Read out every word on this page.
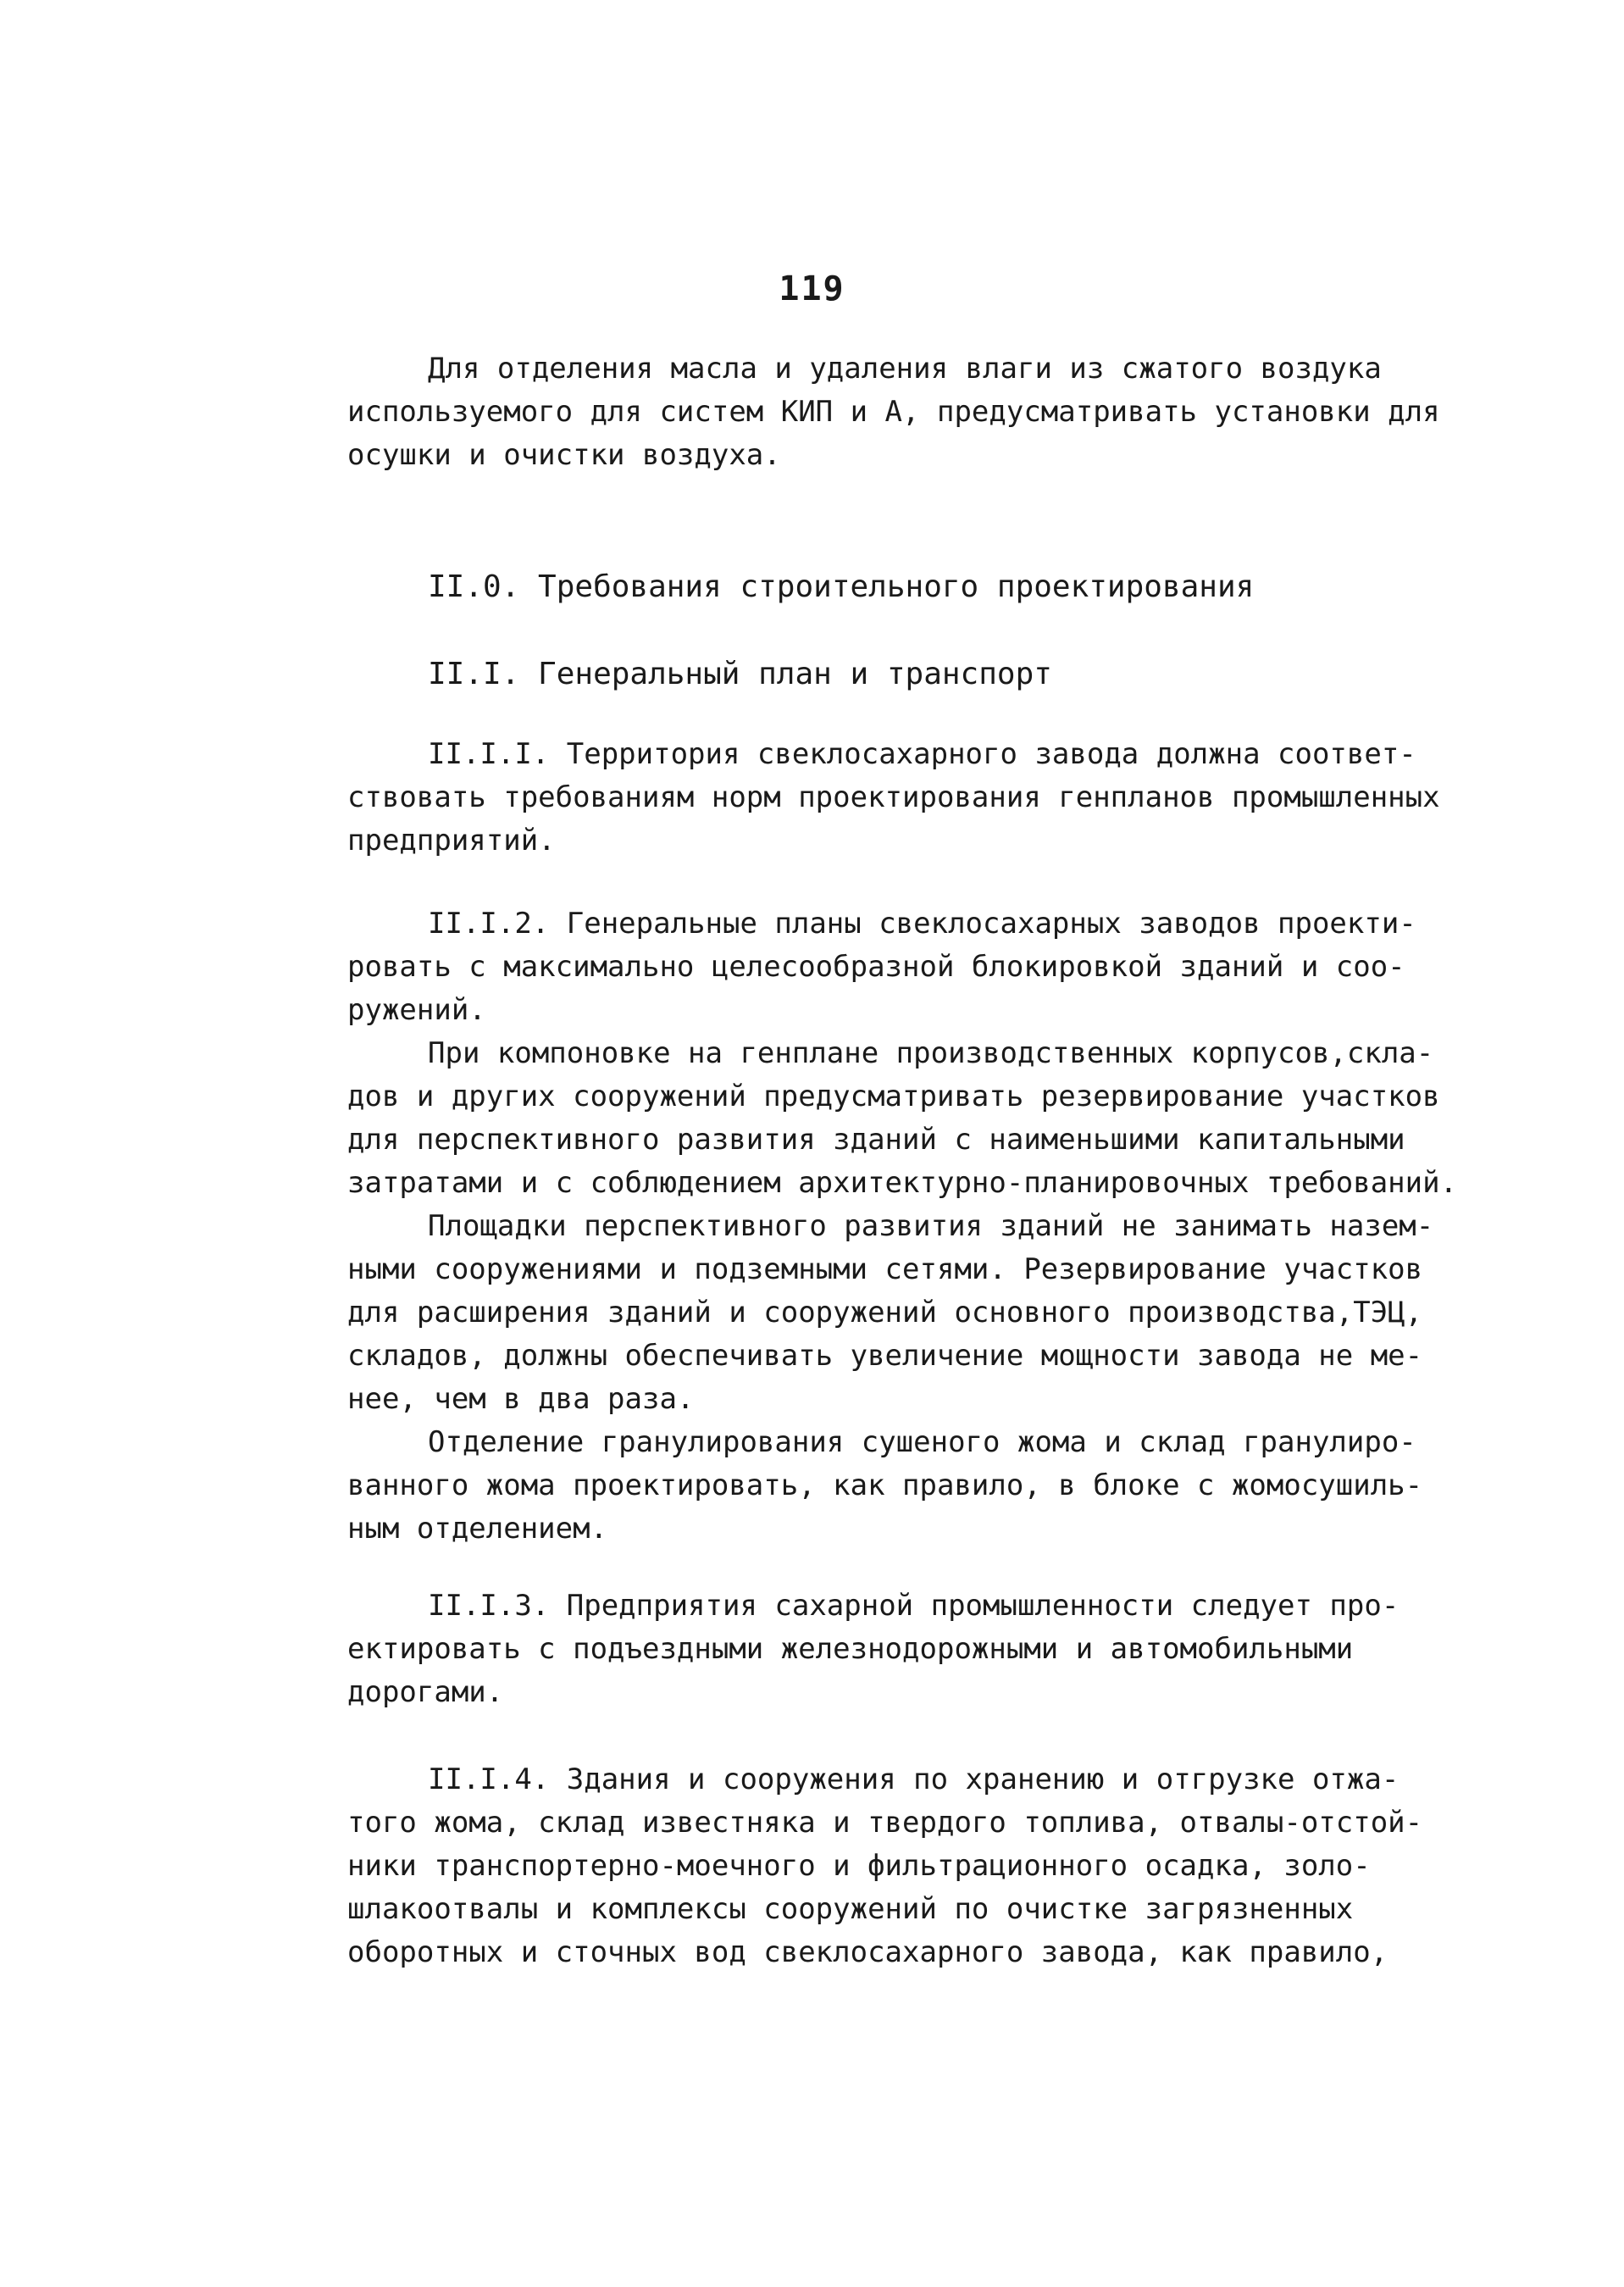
119
Для отделения масла и удаления влаги из сжатого воздука
используемого для систем КИП и А, предусматривать установки для
осушки и очистки воздуха.
II.0. Требования строительного проектирования
II.I. Генеральный план и транспорт
II.I.I. Территория свеклосахарного завода должна соответ-
ствовать требованиям норм проектирования генпланов промышленных
предприятий.
II.I.2. Генеральные планы свеклосахарных заводов проекти-
ровать с максимально целесообразной блокировкой зданий и соо-
ружений.
При компоновке на генплане производственных корпусов,скла-
дов и других сооружений предусматривать резервирование участков
для перспективного развития зданий с наименьшими капитальными
затратами и с соблюдением архитектурно-планировочных требований.
Площадки перспективного развития зданий не занимать назем-
ными сооружениями и подземными сетями. Резервирование участков
для расширения зданий и сооружений основного производства,ТЭЦ,
складов, должны обеспечивать увеличение мощности завода не ме-
нее, чем в два раза.
Отделение гранулирования сушеного жома и склад гранулиро-
ванного жома проектировать, как правило, в блоке с жомосушиль-
ным отделением.
II.I.3. Предприятия сахарной промышленности следует про-
ектировать с подъездными железнодорожными и автомобильными
дорогами.
II.I.4. Здания и сооружения по хранению и отгрузке отжа-
того жома, склад известняка и твердого топлива, отвалы-отстой-
ники транспортерно-моечного и фильтрационного осадка, золо-
шлакоотвалы и комплексы сооружений по очистке загрязненных
оборотных и сточных вод свеклосахарного завода, как правило,
